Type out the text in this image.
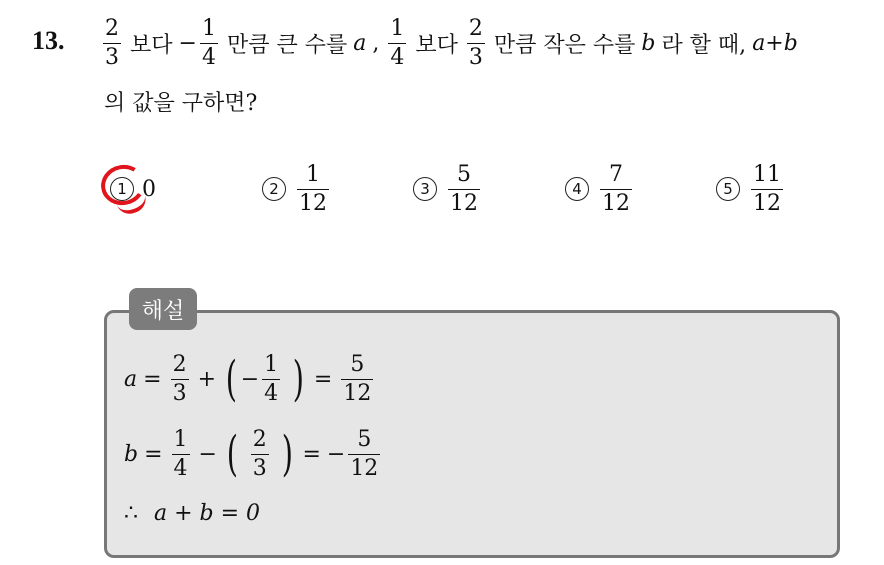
13. $\frac{2}{3}$ 보다 − $\frac{1}{4}$ 만큼 큰 수를 a , $\frac{1}{4}$ 보다 $\frac{2}{3}$ 만큼 작은 수를 b 라 할 때, a+b
의 값을 구하면?
1 0	$2 \frac{1}{12}$	$3 \frac{5}{12}$	$4 \frac{7}{12}$	$5 \frac{11}{12}$
해설
$a = \frac{2}{3}$ + ( − $\frac{1}{4}$ ) = $\frac{5}{12}$
$b = \frac{1}{4}$ − ( $\frac{2}{3}$ ) = − $\frac{5}{12}$
∴ a + b = 0
